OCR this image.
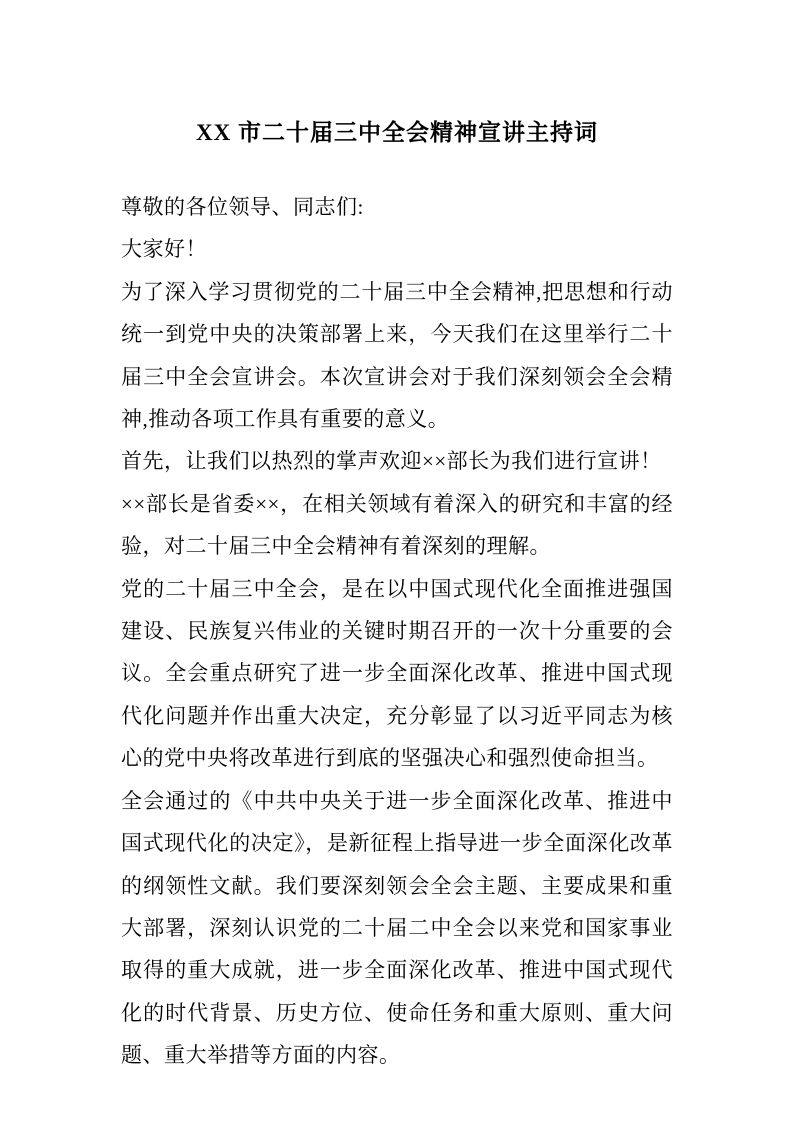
XX 市二十届三中全会精神宣讲主持词

尊敬的各位领导、同志们:

大家好！

为了深入学习贯彻党的二十届三中全会精神,把思想和行动统一到党中央的决策部署上来，今天我们在这里举行二十届三中全会宣讲会。本次宣讲会对于我们深刻领会全会精神,推动各项工作具有重要的意义。

首先，让我们以热烈的掌声欢迎××部长为我们进行宣讲！

××部长是省委××，在相关领域有着深入的研究和丰富的经验，对二十届三中全会精神有着深刻的理解。

党的二十届三中全会，是在以中国式现代化全面推进强国建设、民族复兴伟业的关键时期召开的一次十分重要的会议。全会重点研究了进一步全面深化改革、推进中国式现代化问题并作出重大决定，充分彰显了以习近平同志为核心的党中央将改革进行到底的坚强决心和强烈使命担当。

全会通过的《中共中央关于进一步全面深化改革、推进中国式现代化的决定》，是新征程上指导进一步全面深化改革的纲领性文献。我们要深刻领会全会主题、主要成果和重大部署，深刻认识党的二十届二中全会以来党和国家事业取得的重大成就，进一步全面深化改革、推进中国式现代化的时代背景、历史方位、使命任务和重大原则、重大问题、重大举措等方面的内容。
